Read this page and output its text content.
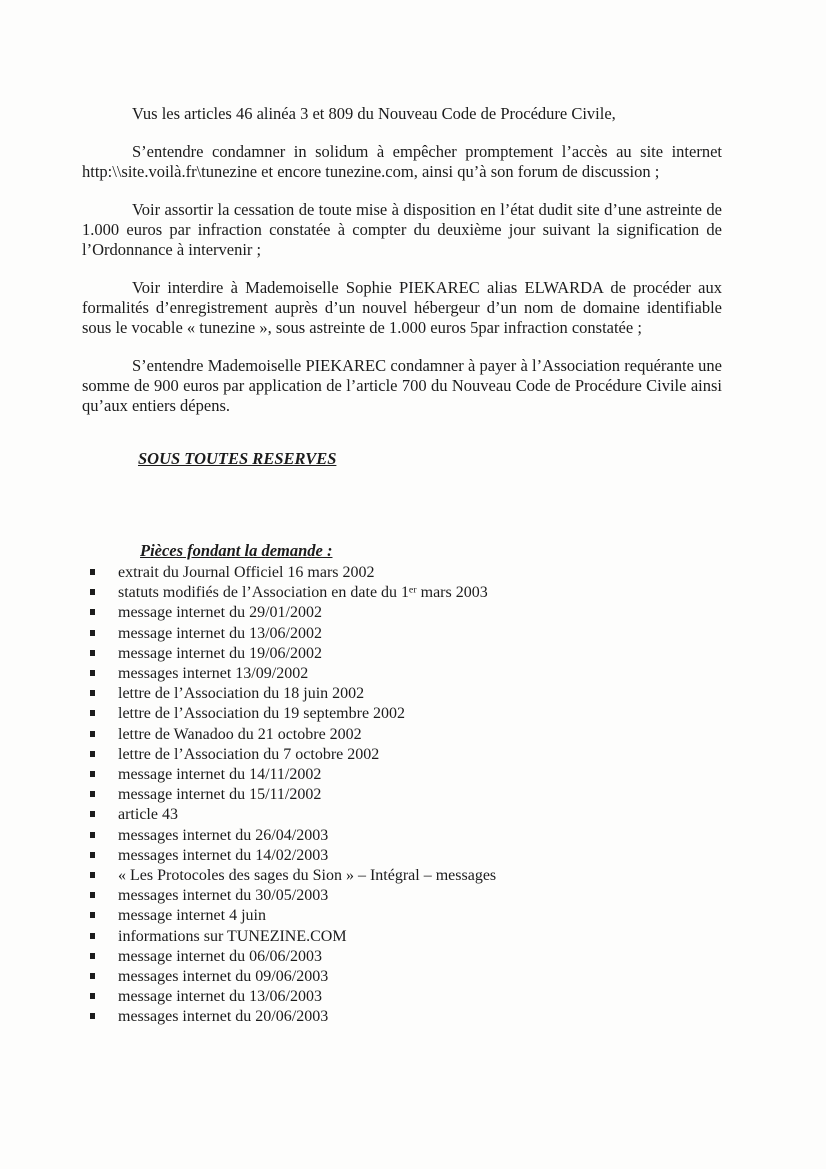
Vus les articles 46 alinéa 3 et 809 du Nouveau Code de Procédure Civile,

S’entendre condamner in solidum à empêcher promptement l’accès au site internet http:\\site.voilà.fr\tunezine et encore tunezine.com, ainsi qu’à son forum de discussion ;

Voir assortir la cessation de toute mise à disposition en l’état dudit site d’une astreinte de 1.000 euros par infraction constatée à compter du deuxième jour suivant la signification de l’Ordonnance à intervenir ;

Voir interdire à Mademoiselle Sophie PIEKAREC alias ELWARDA de procéder aux formalités d’enregistrement auprès d’un nouvel hébergeur d’un nom de domaine identifiable sous le vocable « tunezine », sous astreinte de 1.000 euros 5par infraction constatée ;

S’entendre Mademoiselle PIEKAREC condamner à payer à l’Association requérante une somme de 900 euros par application de l’article 700 du Nouveau Code de Procédure Civile ainsi qu’aux entiers dépens.

SOUS TOUTES RESERVES
Pièces fondant la demande :
extrait du Journal Officiel 16 mars 2002
statuts modifiés de l’Association en date du 1ᵉʳ mars 2003
message internet du 29/01/2002
message internet du 13/06/2002
message internet du 19/06/2002
messages internet 13/09/2002
lettre de l’Association du 18 juin 2002
lettre de l’Association du 19 septembre 2002
lettre de Wanadoo du 21 octobre 2002
lettre de l’Association du 7 octobre 2002
message internet du 14/11/2002
message internet du 15/11/2002
article 43
messages internet du 26/04/2003
messages internet du 14/02/2003
« Les Protocoles des sages du Sion » – Intégral – messages
messages internet du 30/05/2003
message internet 4 juin
informations sur TUNEZINE.COM
message internet du 06/06/2003
messages internet du 09/06/2003
message internet du 13/06/2003
messages internet du 20/06/2003
